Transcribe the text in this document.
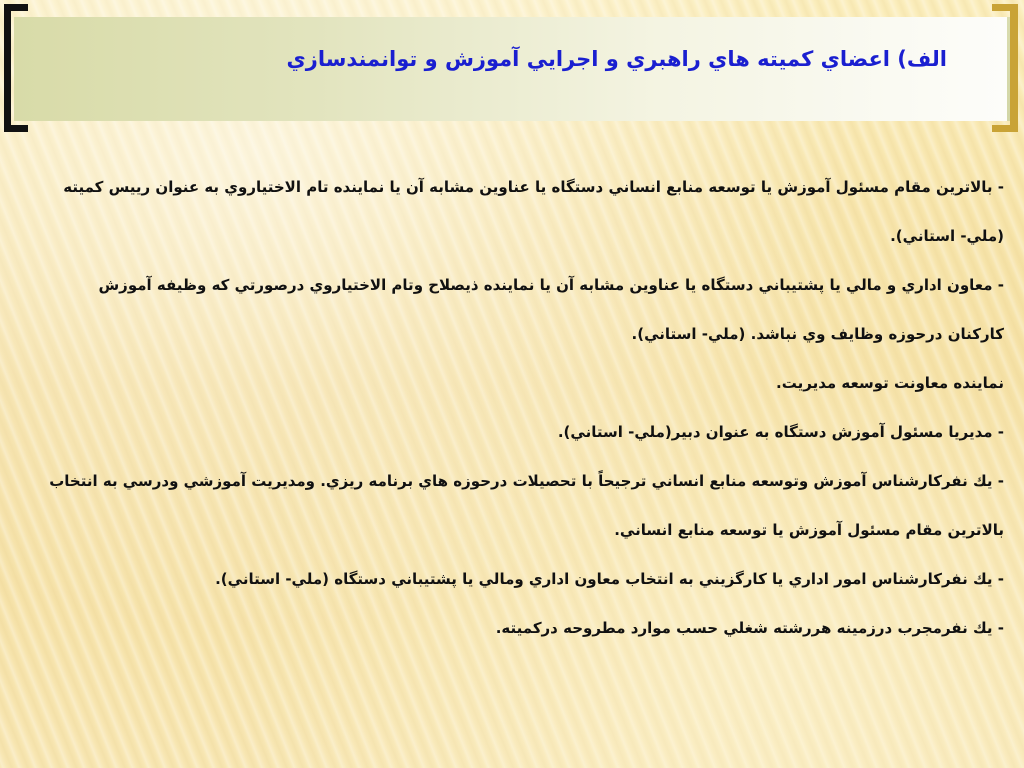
الف) اعضاي كميته هاي راهبري و اجرايي آموزش و توانمندسازي

- بالاترين مقام مسئول آموزش يا توسعه منابع انساني دستگاه يا عناوين مشابه آن يا نماينده تام الاختياروي به عنوان ريیس كميته (ملي- استاني).

- معاون اداري و مالي يا پشتيباني دستگاه يا عناوين مشابه آن يا نماينده ذيصلاح وتام الاختياروي درصورتي كه وظيفه آموزش كاركنان درحوزه وظايف وي نباشد. (ملي- استاني).

نماينده معاونت توسعه مديريت.

- مديريا مسئول آموزش دستگاه به عنوان دبير(ملي- استاني).

- يك نفركارشناس آموزش وتوسعه منابع انساني ترجيحاً با تحصيلات درحوزه هاي برنامه ريزي. ومديريت آموزشي ودرسي به انتخاب بالاترين مقام مسئول آموزش يا توسعه منابع انساني.

- يك نفركارشناس امور اداري يا كارگزيني به انتخاب معاون اداري ومالي يا پشتيباني دستگاه (ملي- استاني).

- يك نفرمجرب درزمينه هررشته شغلي حسب موارد مطروحه دركميته.
